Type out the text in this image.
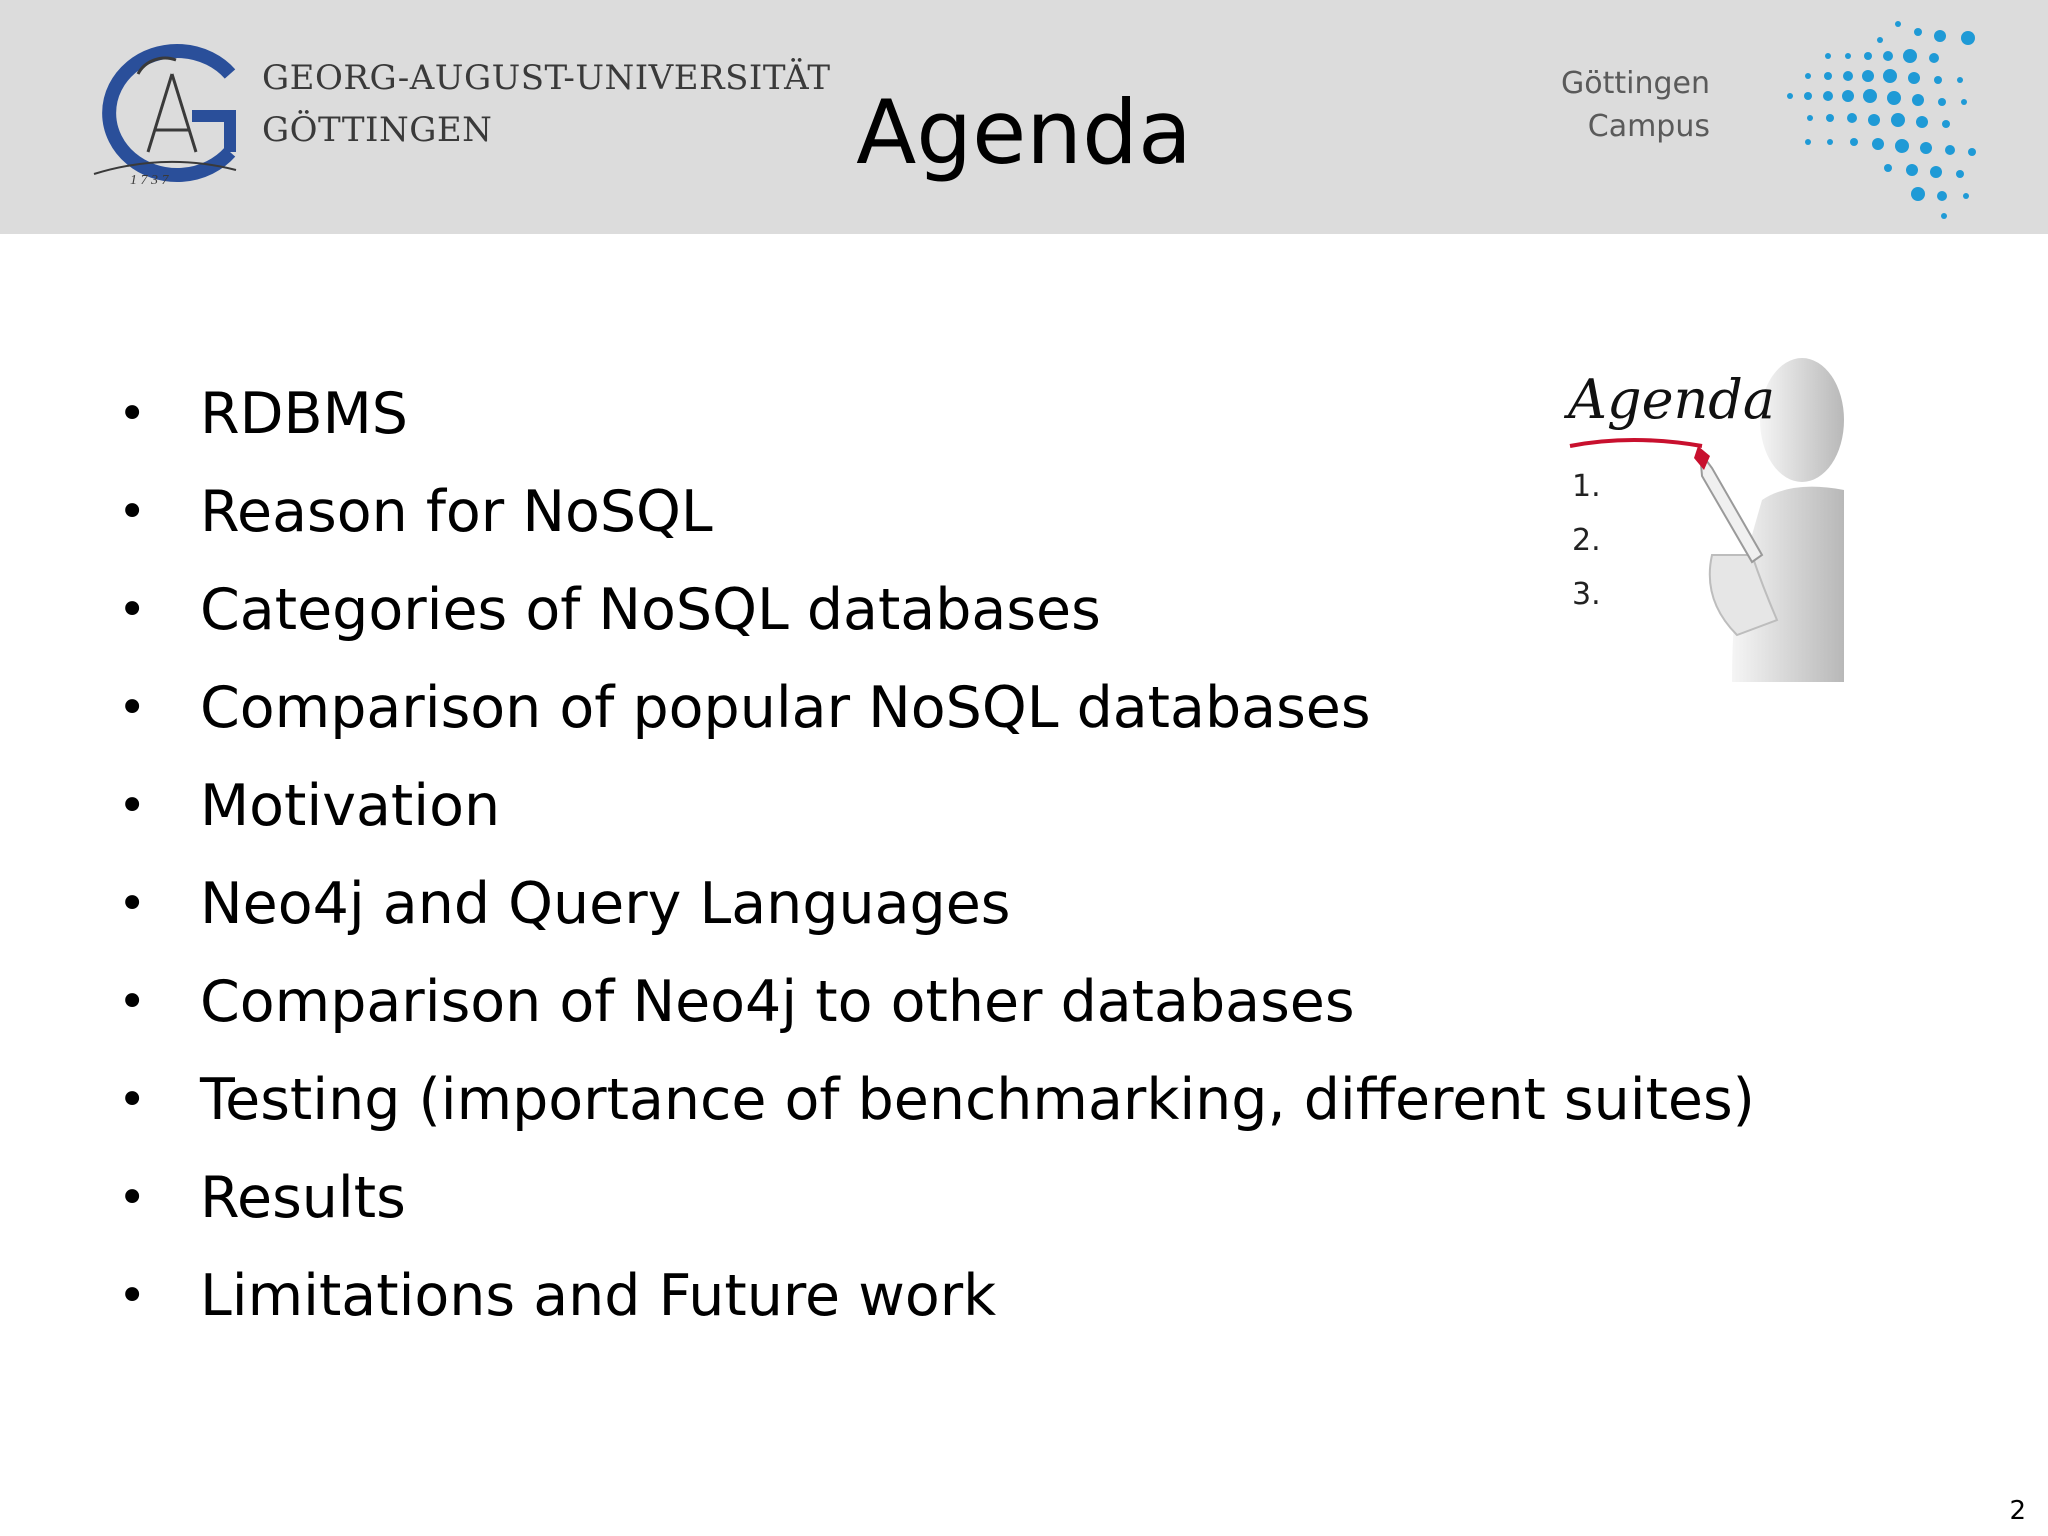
1 7 3 7
GEORG-AUGUST-UNIVERSITÄT
GÖTTINGEN	Agenda	Göttingen
Campus
Agenda
1.
2.
3.
• RDBMS
• Reason for NoSQL
• Categories of NoSQL databases
• Comparison of popular NoSQL databases
• Motivation
• Neo4j and Query Languages
• Comparison of Neo4j to other databases
• Testing (importance of benchmarking, different suites)
• Results
• Limitations and Future work
2
